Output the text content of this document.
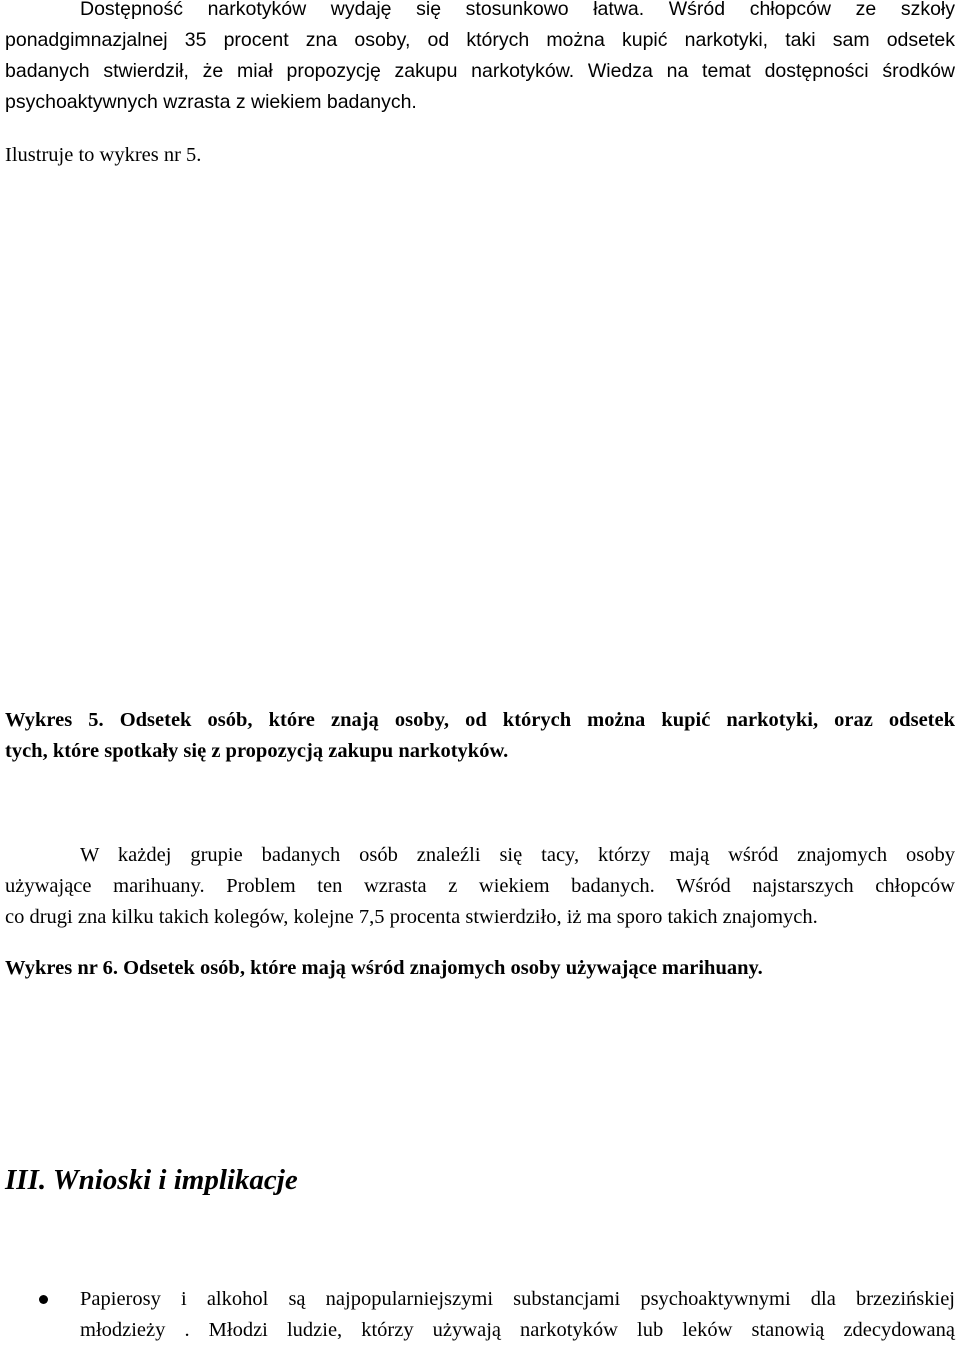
Dostępność narkotyków wydaję się stosunkowo łatwa. Wśród chłopców ze szkoły
ponadgimnazjalnej 35 procent zna osoby, od których można kupić narkotyki, taki sam odsetek
badanych stwierdził, że miał propozycję zakupu narkotyków. Wiedza na temat dostępności środków
psychoaktywnych wzrasta z wiekiem badanych.
Ilustruje to wykres nr 5.
Wykres 5. Odsetek osób, które znają osoby, od których można kupić narkotyki, oraz odsetek
tych, które spotkały się z propozycją zakupu narkotyków.
W każdej grupie badanych osób znaleźli się tacy, którzy mają wśród znajomych osoby
używające marihuany. Problem ten wzrasta z wiekiem badanych. Wśród najstarszych chłopców
co drugi zna kilku takich kolegów, kolejne 7,5 procenta stwierdziło, iż ma sporo takich znajomych.
Wykres nr 6. Odsetek osób, które mają wśród znajomych osoby używające marihuany.
III. Wnioski i implikacje
Papierosy i alkohol są najpopularniejszymi substancjami psychoaktywnymi dla brzezińskiej
młodzieży . Młodzi ludzie, którzy używają narkotyków lub leków stanowią zdecydowaną
